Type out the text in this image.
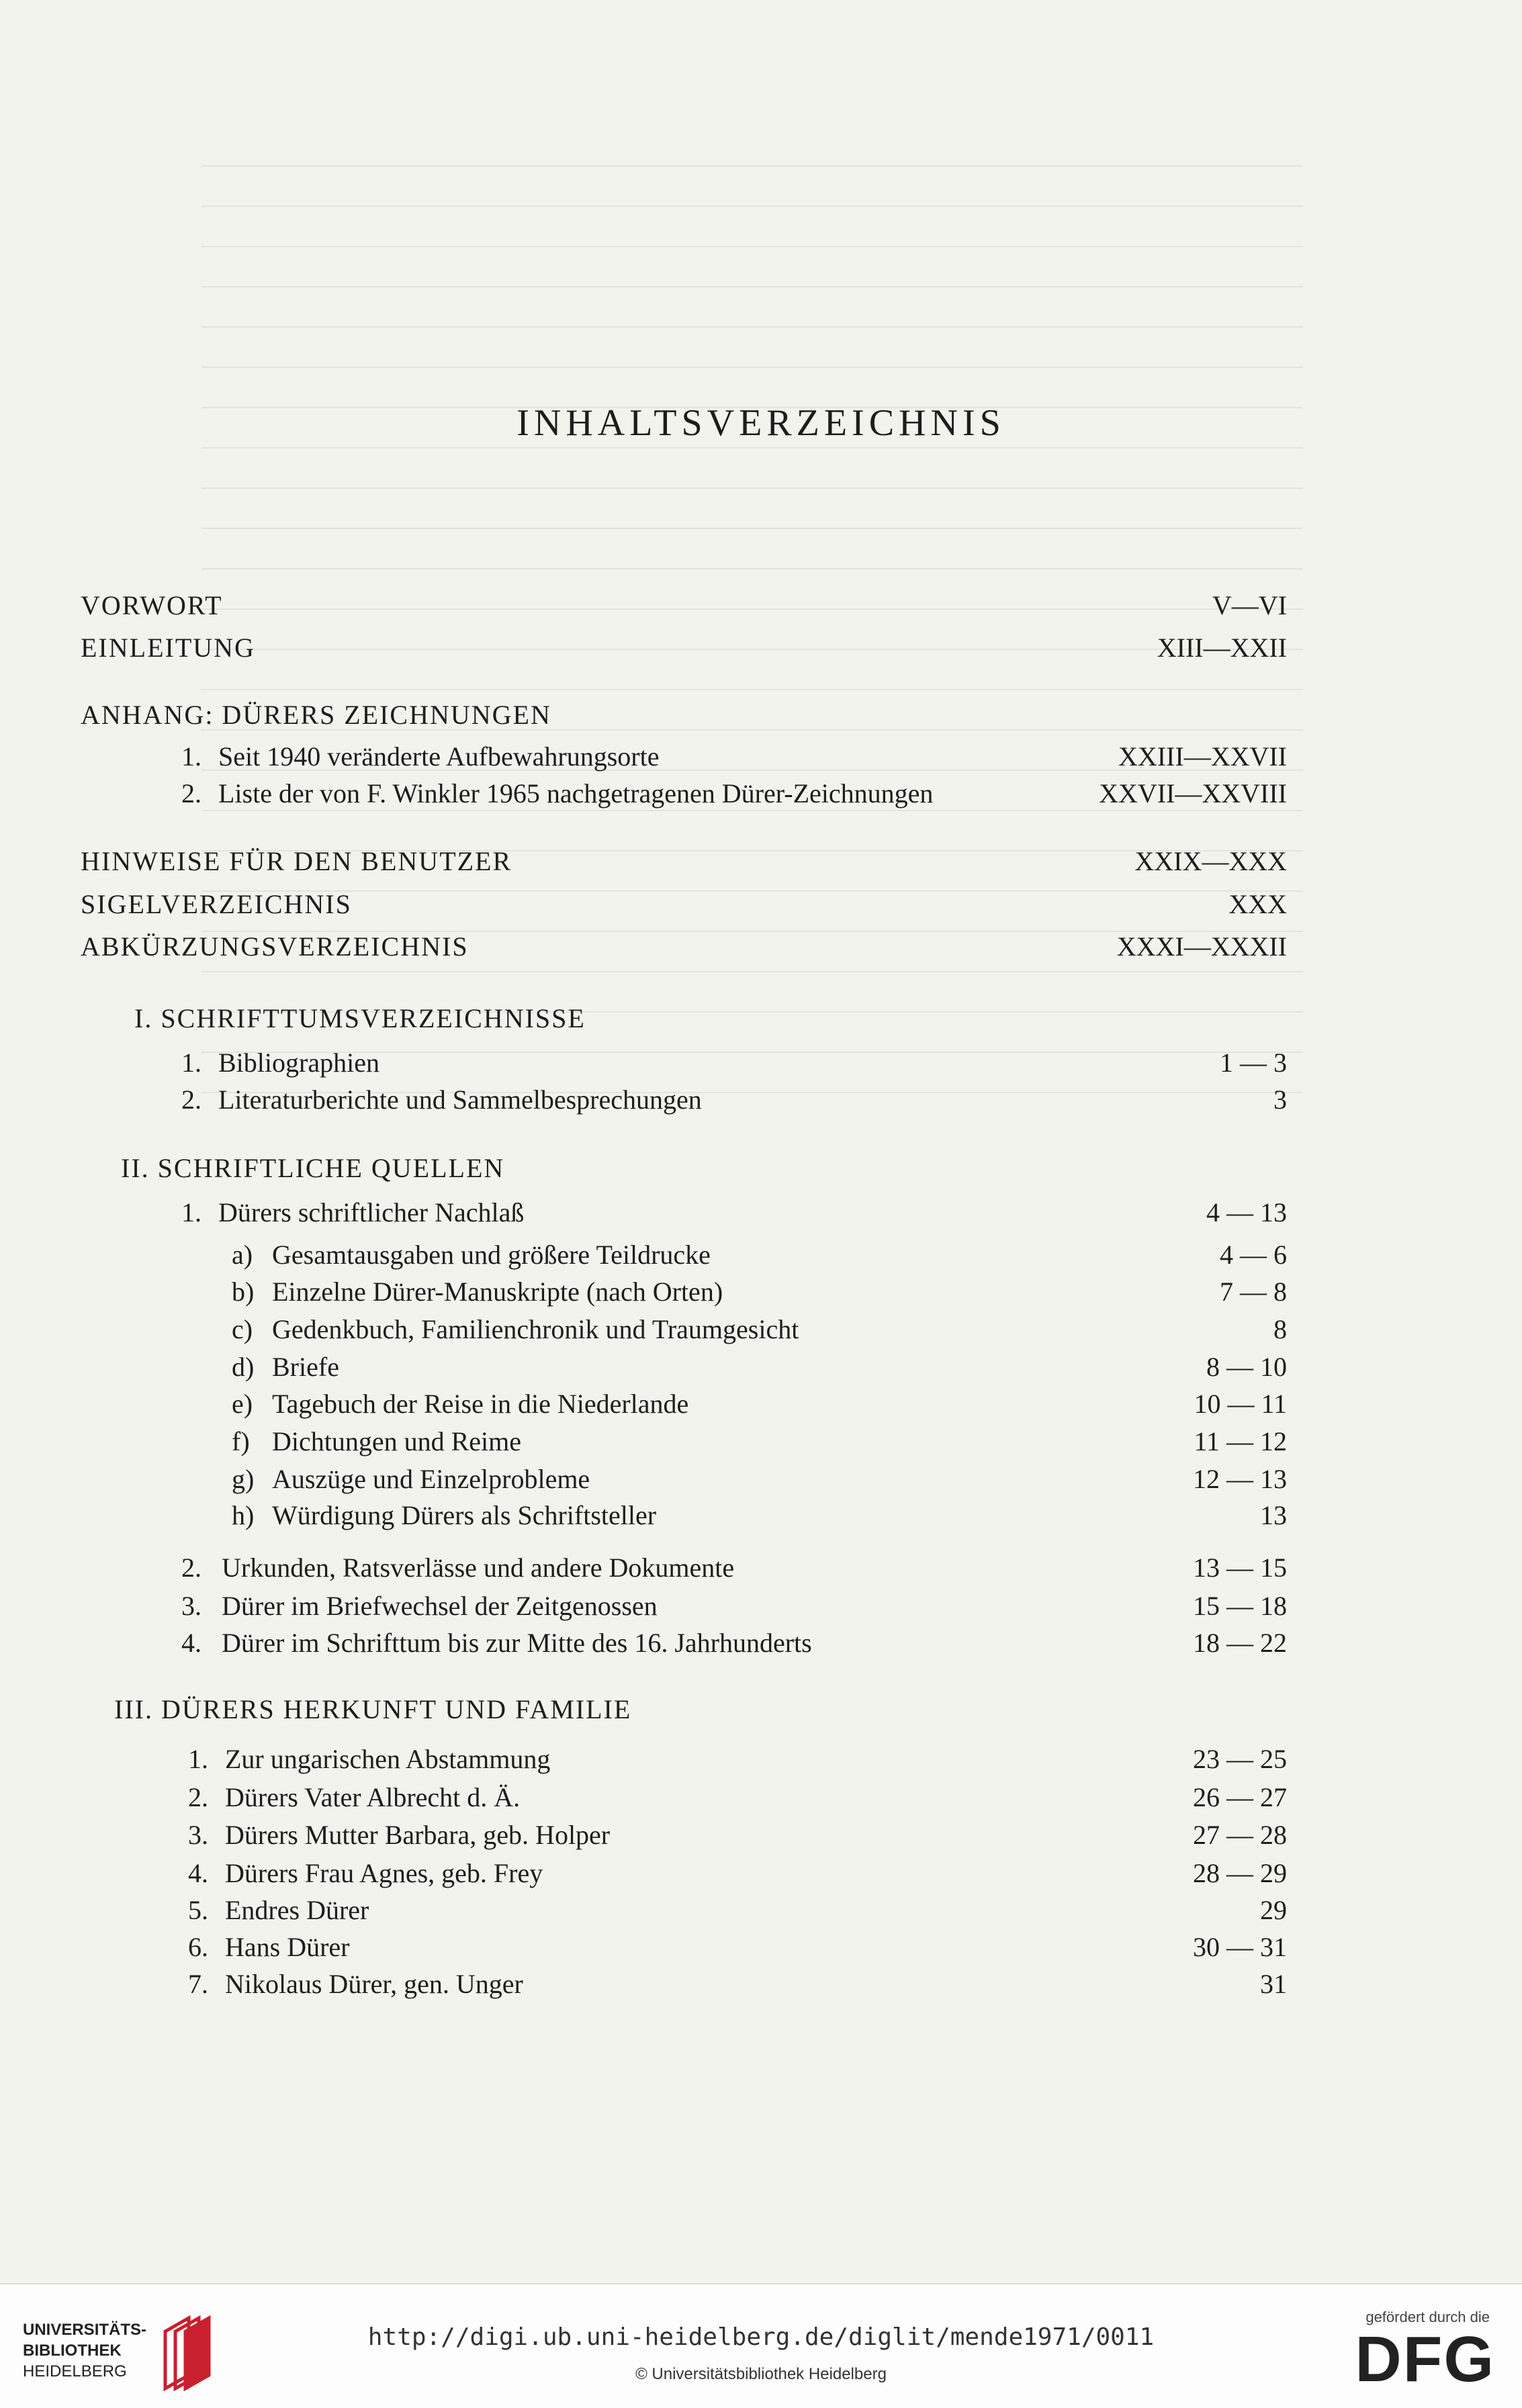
INHALTSVERZEICHNIS
VORWORT	V—VI
EINLEITUNG	XIII—XXII
ANHANG: DÜRERS ZEICHNUNGEN
1. Seit 1940 veränderte Aufbewahrungsorte	XXIII—XXVII
2. Liste der von F. Winkler 1965 nachgetragenen Dürer-Zeichnungen	XXVII—XXVIII
HINWEISE FÜR DEN BENUTZER	XXIX—XXX
SIGELVERZEICHNIS	XXX
ABKÜRZUNGSVERZEICHNIS	XXXI—XXXII
I. SCHRIFTTUMSVERZEICHNISSE
1. Bibliographien	1 — 3
2. Literaturberichte und Sammelbesprechungen	3
II. SCHRIFTLICHE QUELLEN
1. Dürers schriftlicher Nachlaß	4 — 13
a) Gesamtausgaben und größere Teildrucke	4 — 6
b) Einzelne Dürer-Manuskripte (nach Orten)	7 — 8
c) Gedenkbuch, Familienchronik und Traumgesicht	8
d) Briefe	8 — 10
e) Tagebuch der Reise in die Niederlande	10 — 11
f) Dichtungen und Reime	11 — 12
g) Auszüge und Einzelprobleme	12 — 13
h) Würdigung Dürers als Schriftsteller	13
2. Urkunden, Ratsverlässe und andere Dokumente	13 — 15
3. Dürer im Briefwechsel der Zeitgenossen	15 — 18
4. Dürer im Schrifttum bis zur Mitte des 16. Jahrhunderts	18 — 22
III. DÜRERS HERKUNFT UND FAMILIE
1. Zur ungarischen Abstammung	23 — 25
2. Dürers Vater Albrecht d. Ä.	26 — 27
3. Dürers Mutter Barbara, geb. Holper	27 — 28
4. Dürers Frau Agnes, geb. Frey	28 — 29
5. Endres Dürer	29
6. Hans Dürer	30 — 31
7. Nikolaus Dürer, gen. Unger	31
UNIVERSITÄTS-
BIBLIOTHEK
HEIDELBERG
http://digi.ub.uni-heidelberg.de/diglit/mende1971/0011
© Universitätsbibliothek Heidelberg
gefördert durch die
DFG
